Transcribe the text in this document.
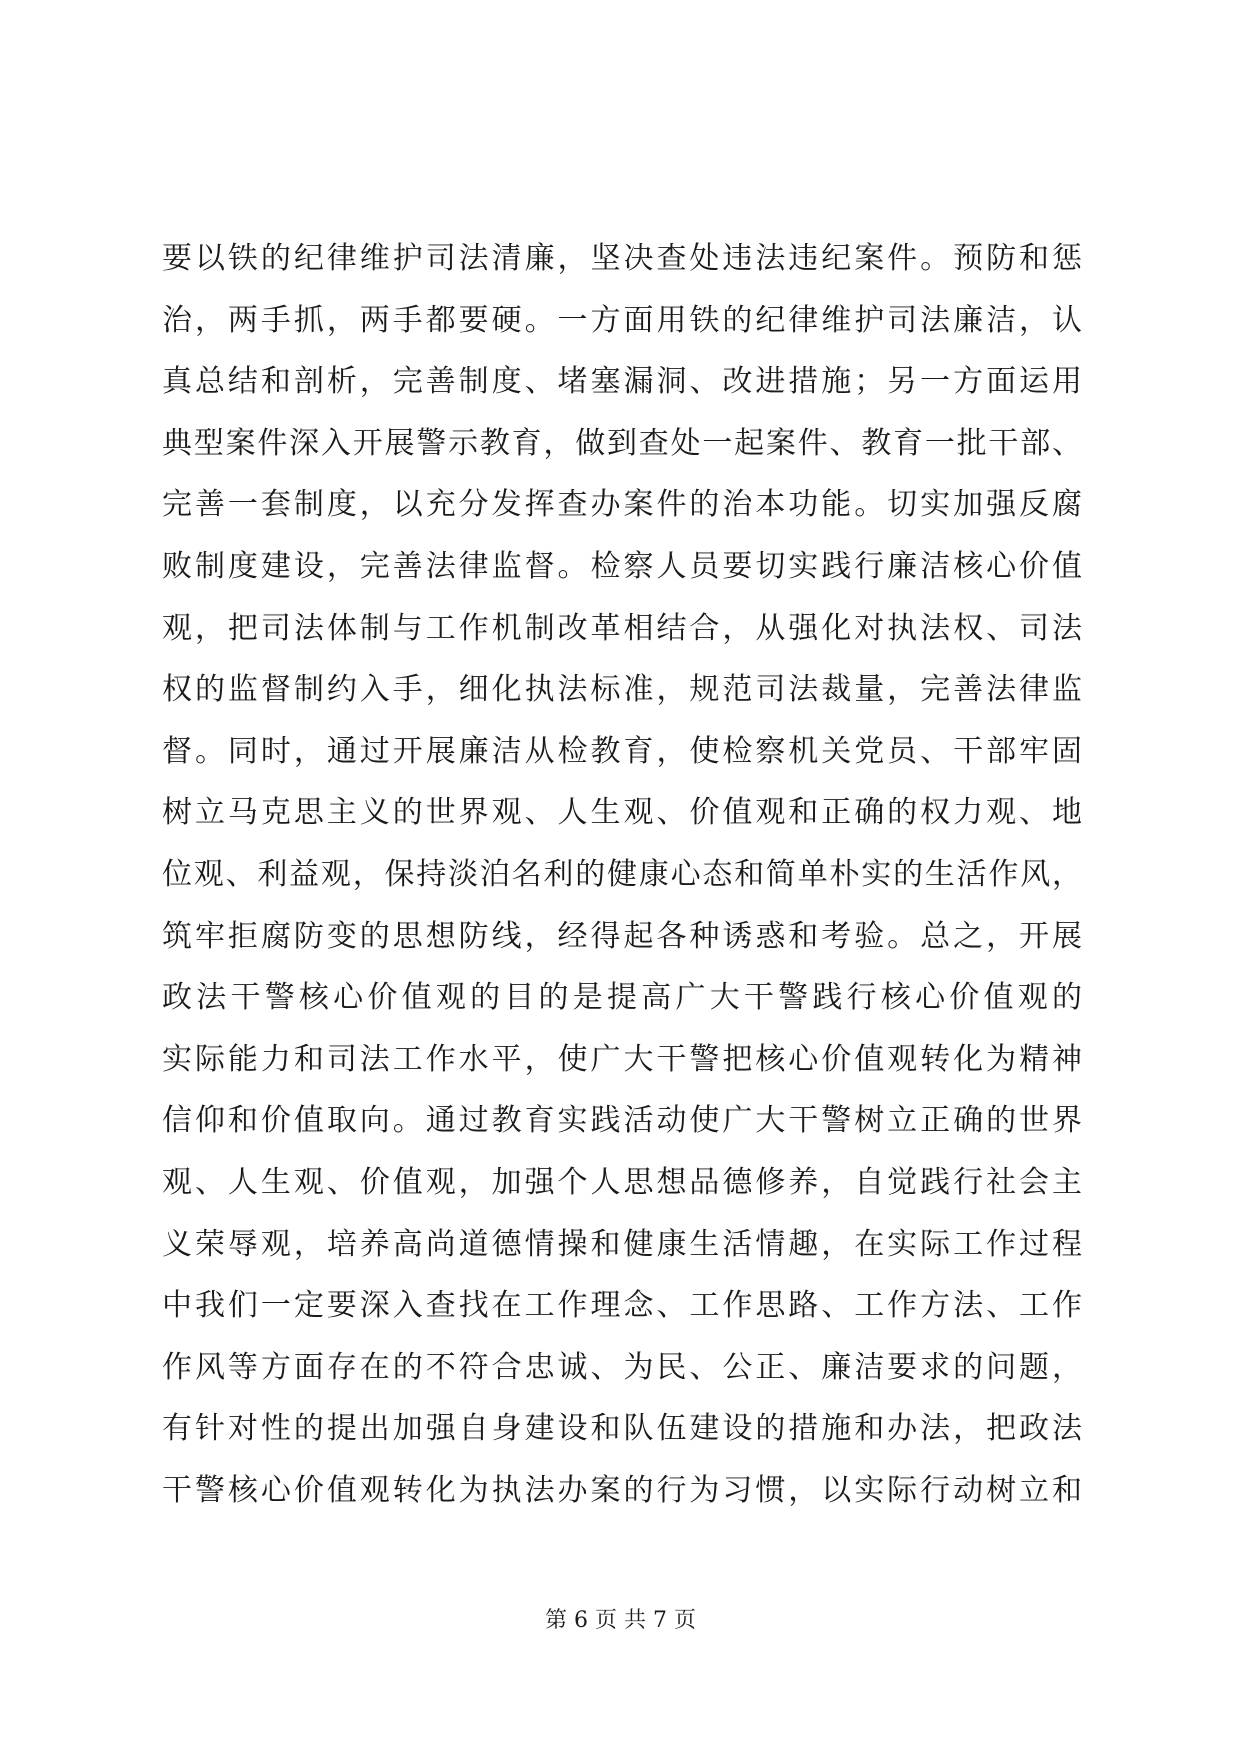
要以铁的纪律维护司法清廉，坚决查处违法违纪案件。预防和惩
治，两手抓，两手都要硬。一方面用铁的纪律维护司法廉洁，认
真总结和剖析，完善制度、堵塞漏洞、改进措施；另一方面运用
典型案件深入开展警示教育，做到查处一起案件、教育一批干部、
完善一套制度，以充分发挥查办案件的治本功能。切实加强反腐
败制度建设，完善法律监督。检察人员要切实践行廉洁核心价值
观，把司法体制与工作机制改革相结合，从强化对执法权、司法
权的监督制约入手，细化执法标准，规范司法裁量，完善法律监
督。同时，通过开展廉洁从检教育，使检察机关党员、干部牢固
树立马克思主义的世界观、人生观、价值观和正确的权力观、地
位观、利益观，保持淡泊名利的健康心态和简单朴实的生活作风，
筑牢拒腐防变的思想防线，经得起各种诱惑和考验。总之，开展
政法干警核心价值观的目的是提高广大干警践行核心价值观的
实际能力和司法工作水平，使广大干警把核心价值观转化为精神
信仰和价值取向。通过教育实践活动使广大干警树立正确的世界
观、人生观、价值观，加强个人思想品德修养，自觉践行社会主
义荣辱观，培养高尚道德情操和健康生活情趣，在实际工作过程
中我们一定要深入查找在工作理念、工作思路、工作方法、工作
作风等方面存在的不符合忠诚、为民、公正、廉洁要求的问题，
有针对性的提出加强自身建设和队伍建设的措施和办法，把政法
干警核心价值观转化为执法办案的行为习惯，以实际行动树立和
第 6 页 共 7 页
